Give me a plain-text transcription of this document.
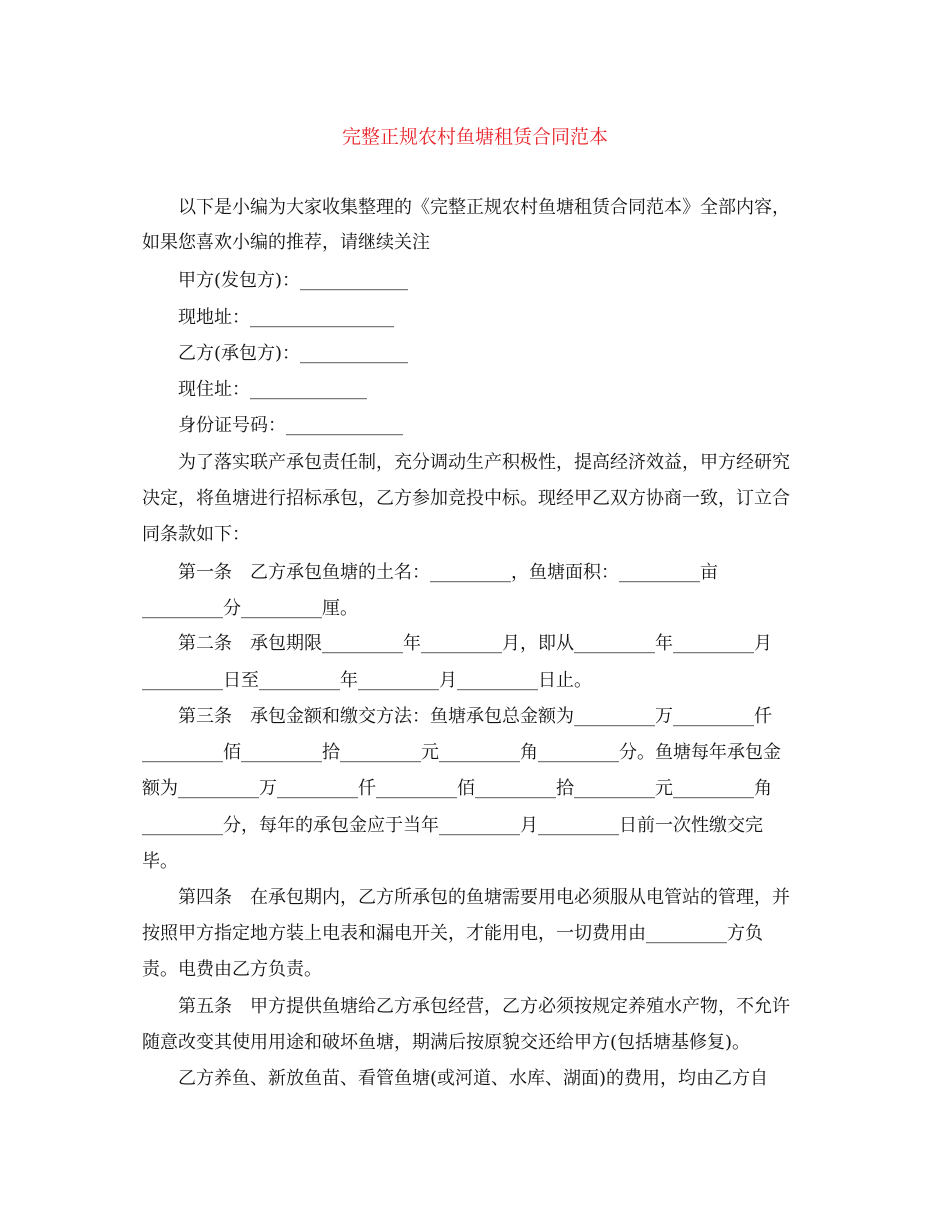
完整正规农村鱼塘租赁合同范本
以下是小编为大家收集整理的《完整正规农村鱼塘租赁合同范本》全部内容，
如果您喜欢小编的推荐，请继续关注
甲方(发包方)：____________
现地址：________________
乙方(承包方)：____________
现住址：_____________
身份证号码：_____________
为了落实联产承包责任制，充分调动生产积极性，提高经济效益，甲方经研究
决定，将鱼塘进行招标承包，乙方参加竞投中标。现经甲乙双方协商一致，订立合
同条款如下：
第一条　乙方承包鱼塘的土名：_________，鱼塘面积：_________亩
_________分_________厘。
第二条　承包期限_________年_________月，即从_________年_________月
_________日至_________年_________月_________日止。
第三条　承包金额和缴交方法：鱼塘承包总金额为_________万_________仟
_________佰_________拾_________元_________角_________分。鱼塘每年承包金
额为_________万_________仟_________佰_________拾_________元_________角
_________分，每年的承包金应于当年_________月_________日前一次性缴交完
毕。
第四条　在承包期内，乙方所承包的鱼塘需要用电必须服从电管站的管理，并
按照甲方指定地方装上电表和漏电开关，才能用电，一切费用由_________方负
责。电费由乙方负责。
第五条　甲方提供鱼塘给乙方承包经营，乙方必须按规定养殖水产物，不允许
随意改变其使用用途和破坏鱼塘，期满后按原貌交还给甲方(包括塘基修复)。
乙方养鱼、新放鱼苗、看管鱼塘(或河道、水库、湖面)的费用，均由乙方自
